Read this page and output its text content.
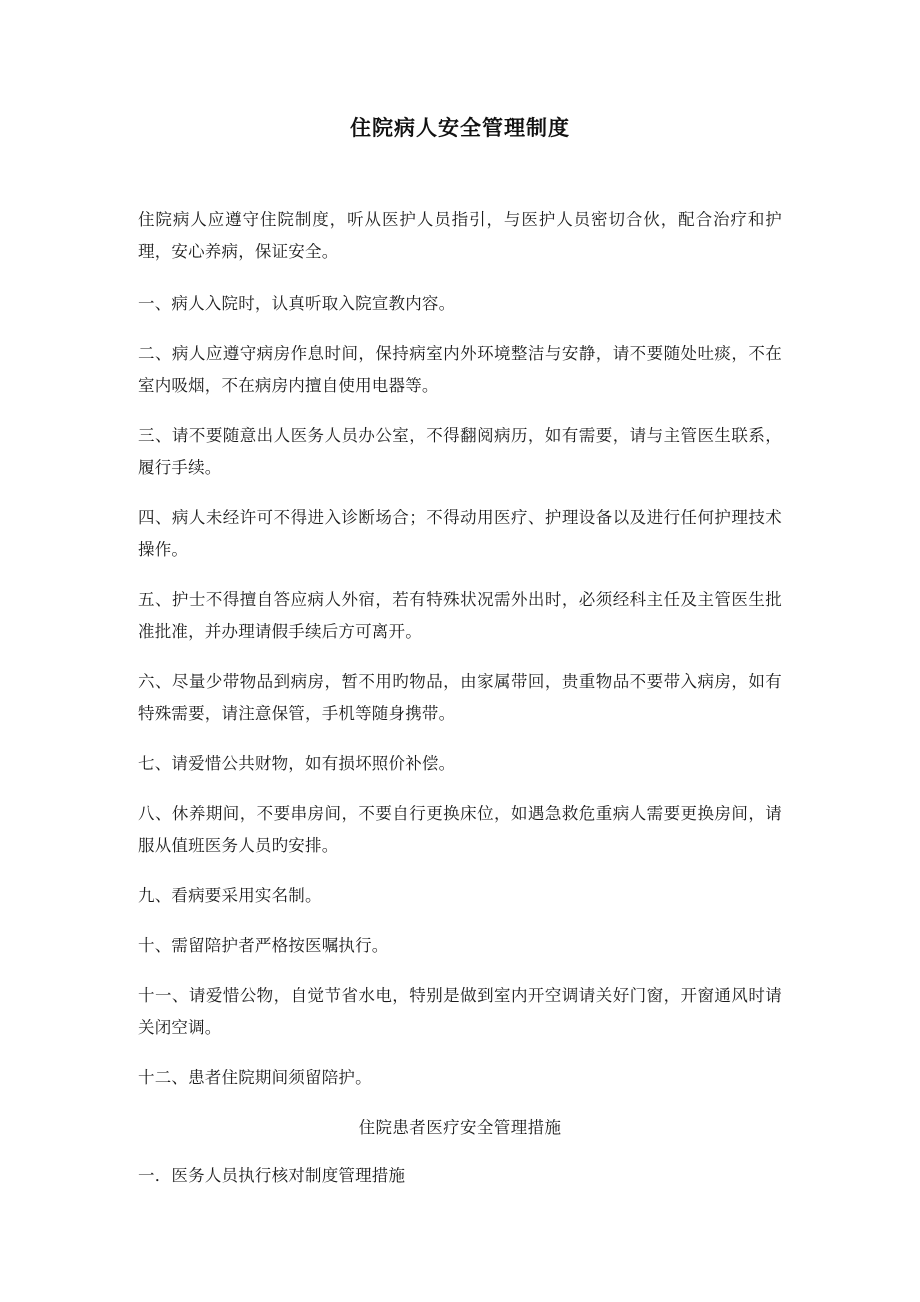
住院病人安全管理制度

住院病人应遵守住院制度，听从医护人员指引，与医护人员密切合伙，配合治疗和护理，安心养病，保证安全。

一、病人入院时，认真听取入院宣教内容。

二、病人应遵守病房作息时间，保持病室内外环境整洁与安静，请不要随处吐痰，不在室内吸烟，不在病房内擅自使用电器等。

三、请不要随意出人医务人员办公室，不得翻阅病历，如有需要，请与主管医生联系，履行手续。

四、病人未经许可不得进入诊断场合；不得动用医疗、护理设备以及进行任何护理技术操作。

五、护士不得擅自答应病人外宿，若有特殊状况需外出时，必须经科主任及主管医生批准批准，并办理请假手续后方可离开。

六、尽量少带物品到病房，暂不用旳物品，由家属带回，贵重物品不要带入病房，如有特殊需要，请注意保管，手机等随身携带。

七、请爱惜公共财物，如有损坏照价补偿。

八、休养期间，不要串房间，不要自行更换床位，如遇急救危重病人需要更换房间，请服从值班医务人员旳安排。

九、看病要采用实名制。

十、需留陪护者严格按医嘱执行。

十一、请爱惜公物，自觉节省水电，特别是做到室内开空调请关好门窗，开窗通风时请关闭空调。

十二、患者住院期间须留陪护。

住院患者医疗安全管理措施

一．医务人员执行核对制度管理措施
